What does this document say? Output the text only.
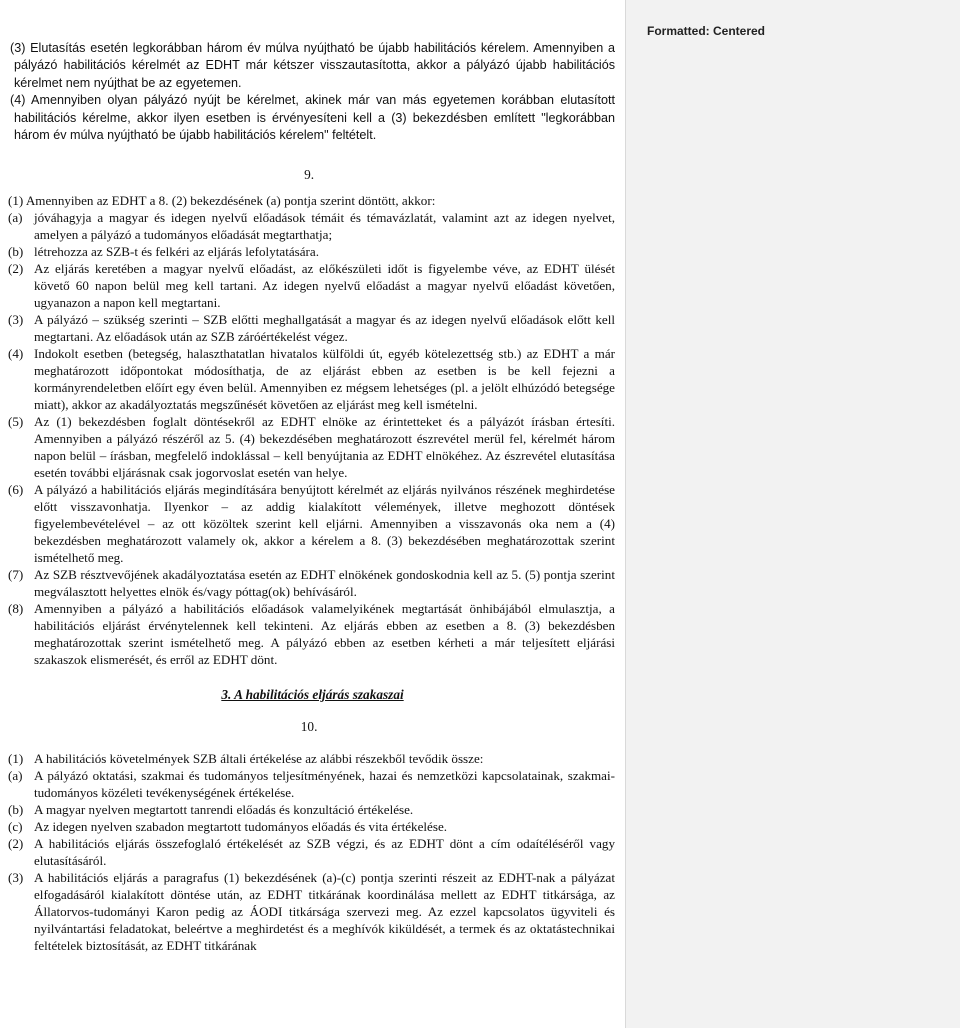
(3) Elutasítás esetén legkorábban három év múlva nyújtható be újabb habilitációs kérelem. Amennyiben a pályázó habilitációs kérelmét az EDHT már kétszer visszautasította, akkor a pályázó újabb habilitációs kérelmet nem nyújthat be az egyetemen.

(4) Amennyiben olyan pályázó nyújt be kérelmet, akinek már van más egyetemen korábban elutasított habilitációs kérelme, akkor ilyen esetben is érvényesíteni kell a (3) bekezdésben említett "legkorábban három év múlva nyújtható be újabb habilitációs kérelem" feltételt.

9.

(1) Amennyiben az EDHT a 8. (2) bekezdésének (a) pontja szerint döntött, akkor:

(a) jóváhagyja a magyar és idegen nyelvű előadások témáit és témavázlatát, valamint azt az idegen nyelvet, amelyen a pályázó a tudományos előadását megtarthatja;

(b) létrehozza az SZB-t és felkéri az eljárás lefolytatására.

(2) Az eljárás keretében a magyar nyelvű előadást, az előkészületi időt is figyelembe véve, az EDHT ülését követő 60 napon belül meg kell tartani. Az idegen nyelvű előadást a magyar nyelvű előadást követően, ugyanazon a napon kell megtartani.

(3) A pályázó – szükség szerinti – SZB előtti meghallgatását a magyar és az idegen nyelvű előadások előtt kell megtartani. Az előadások után az SZB záróértékelést végez.

(4) Indokolt esetben (betegség, halaszthatatlan hivatalos külföldi út, egyéb kötelezettség stb.) az EDHT a már meghatározott időpontokat módosíthatja, de az eljárást ebben az esetben is be kell fejezni a kormányrendeletben előírt egy éven belül. Amennyiben ez mégsem lehetséges (pl. a jelölt elhúzódó betegsége miatt), akkor az akadályoztatás megszűnését követően az eljárást meg kell ismételni.

(5) Az (1) bekezdésben foglalt döntésekről az EDHT elnöke az érintetteket és a pályázót írásban értesíti. Amennyiben a pályázó részéről az 5. (4) bekezdésében meghatározott észrevétel merül fel, kérelmét három napon belül – írásban, megfelelő indoklással – kell benyújtania az EDHT elnökéhez. Az észrevétel elutasítása esetén további eljárásnak csak jogorvoslat esetén van helye.

(6) A pályázó a habilitációs eljárás megindítására benyújtott kérelmét az eljárás nyilvános részének meghirdetése előtt visszavonhatja. Ilyenkor – az addig kialakított vélemények, illetve meghozott döntések figyelembevételével – az ott közöltek szerint kell eljárni. Amennyiben a visszavonás oka nem a (4) bekezdésben meghatározott valamely ok, akkor a kérelem a 8. (3) bekezdésében meghatározottak szerint ismételhető meg.

(7) Az SZB résztvevőjének akadályoztatása esetén az EDHT elnökének gondoskodnia kell az 5. (5) pontja szerint megválasztott helyettes elnök és/vagy póttag(ok) behívásáról.

(8) Amennyiben a pályázó a habilitációs előadások valamelyikének megtartását önhibájából elmulasztja, a habilitációs eljárást érvénytelennek kell tekinteni. Az eljárás ebben az esetben a 8. (3) bekezdésben meghatározottak szerint ismételhető meg. A pályázó ebben az esetben kérheti a már teljesített eljárási szakaszok elismerését, és erről az EDHT dönt.

3. A habilitációs eljárás szakaszai

10.

(1) A habilitációs követelmények SZB általi értékelése az alábbi részekből tevődik össze:

(a) A pályázó oktatási, szakmai és tudományos teljesítményének, hazai és nemzetközi kapcsolatainak, szakmai-tudományos közéleti tevékenységének értékelése.

(b) A magyar nyelven megtartott tanrendi előadás és konzultáció értékelése.

(c) Az idegen nyelven szabadon megtartott tudományos előadás és vita értékelése.

(2) A habilitációs eljárás összefoglaló értékelését az SZB végzi, és az EDHT dönt a cím odaítéléséről vagy elutasításáról.

(3) A habilitációs eljárás a paragrafus (1) bekezdésének (a)-(c) pontja szerinti részeit az EDHT-nak a pályázat elfogadásáról kialakított döntése után, az EDHT titkárának koordinálása mellett az EDHT titkársága, az Állatorvos-tudományi Karon pedig az ÁODI titkársága szervezi meg. Az ezzel kapcsolatos ügyviteli és nyilvántartási feladatokat, beleértve a meghirdetést és a meghívók kiküldését, a termek és az oktatástechnikai feltételek biztosítását, az EDHT titkárának

Formatted: Centered
